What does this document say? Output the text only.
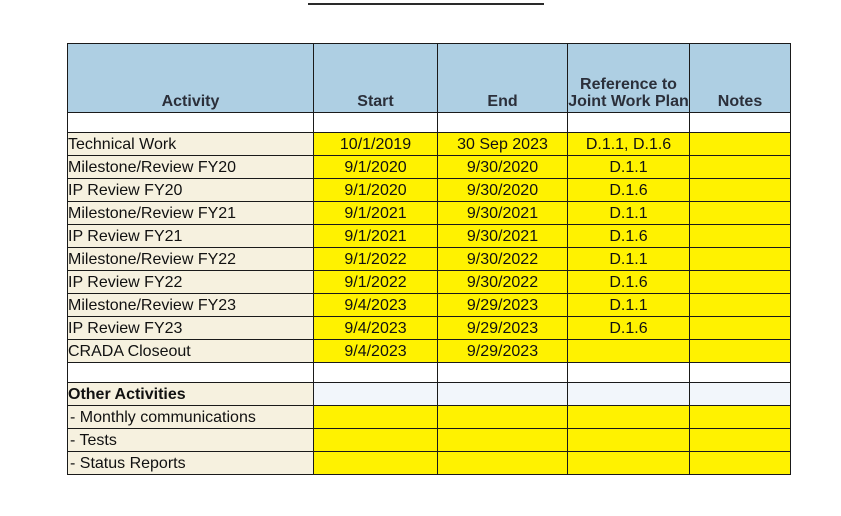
Activity	Start	End	Reference to Joint Work Plan	Notes

Technical Work	10/1/2019	30 Sep 2023	D.1.1, D.1.6	
Milestone/Review FY20	9/1/2020	9/30/2020	D.1.1	
IP Review FY20	9/1/2020	9/30/2020	D.1.6	
Milestone/Review FY21	9/1/2021	9/30/2021	D.1.1	
IP Review FY21	9/1/2021	9/30/2021	D.1.6	
Milestone/Review FY22	9/1/2022	9/30/2022	D.1.1	
IP Review FY22	9/1/2022	9/30/2022	D.1.6	
Milestone/Review FY23	9/4/2023	9/29/2023	D.1.1	
IP Review FY23	9/4/2023	9/29/2023	D.1.6	
CRADA Closeout	9/4/2023	9/29/2023		

Other Activities				
- Monthly communications				
- Tests				
- Status Reports				
